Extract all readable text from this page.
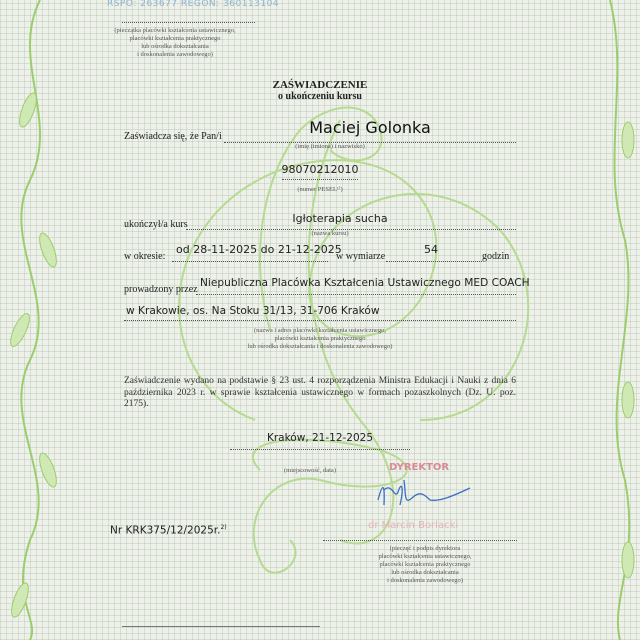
RSPO: 263677 REGON: 360113104
(pieczątka placówki kształcenia ustawicznego,
placówki kształcenia praktycznego
lub ośrodka dokształcania
i doskonalenia zawodowego)
ZAŚWIADCZENIE
o ukończeniu kursu
Zaświadcza się, że Pan/i	Maciej Golonka
(imię (imiona) i nazwisko)
98070212010
(numer PESEL¹⁾)
ukończył/a kurs	Igłoterapia sucha
(nazwa kursu)
w okresie:
od 28-11-2025 do 21-12-2025
w wymiarze
54
godzin
prowadzony przez
Niepubliczna Placówka Kształcenia Ustawicznego MED COACH
w Krakowie, os. Na Stoku 31/13, 31-706 Kraków
(nazwa i adres placówki kształcenia ustawicznego,
placówki kształcenia praktycznego
lub ośrodka dokształcania i doskonalenia zawodowego)
Zaświadczenie wydano na podstawie § 23 ust. 4 rozporządzenia Ministra Edukacji i Nauki z dnia 6 października 2023 r. w sprawie kształcenia ustawicznego w formach pozaszkolnych (Dz. U. poz. 2175).
Kraków, 21-12-2025
(miejscowość, data)	DYREKTOR
dr Marcin Borlacki
(pieczęć i podpis dyrektora
placówki kształcenia ustawicznego,
placówki kształcenia praktycznego
lub ośrodka dokształcania
i doskonalenia zawodowego)
Nr KRK375/12/2025r.$^{2)}$
